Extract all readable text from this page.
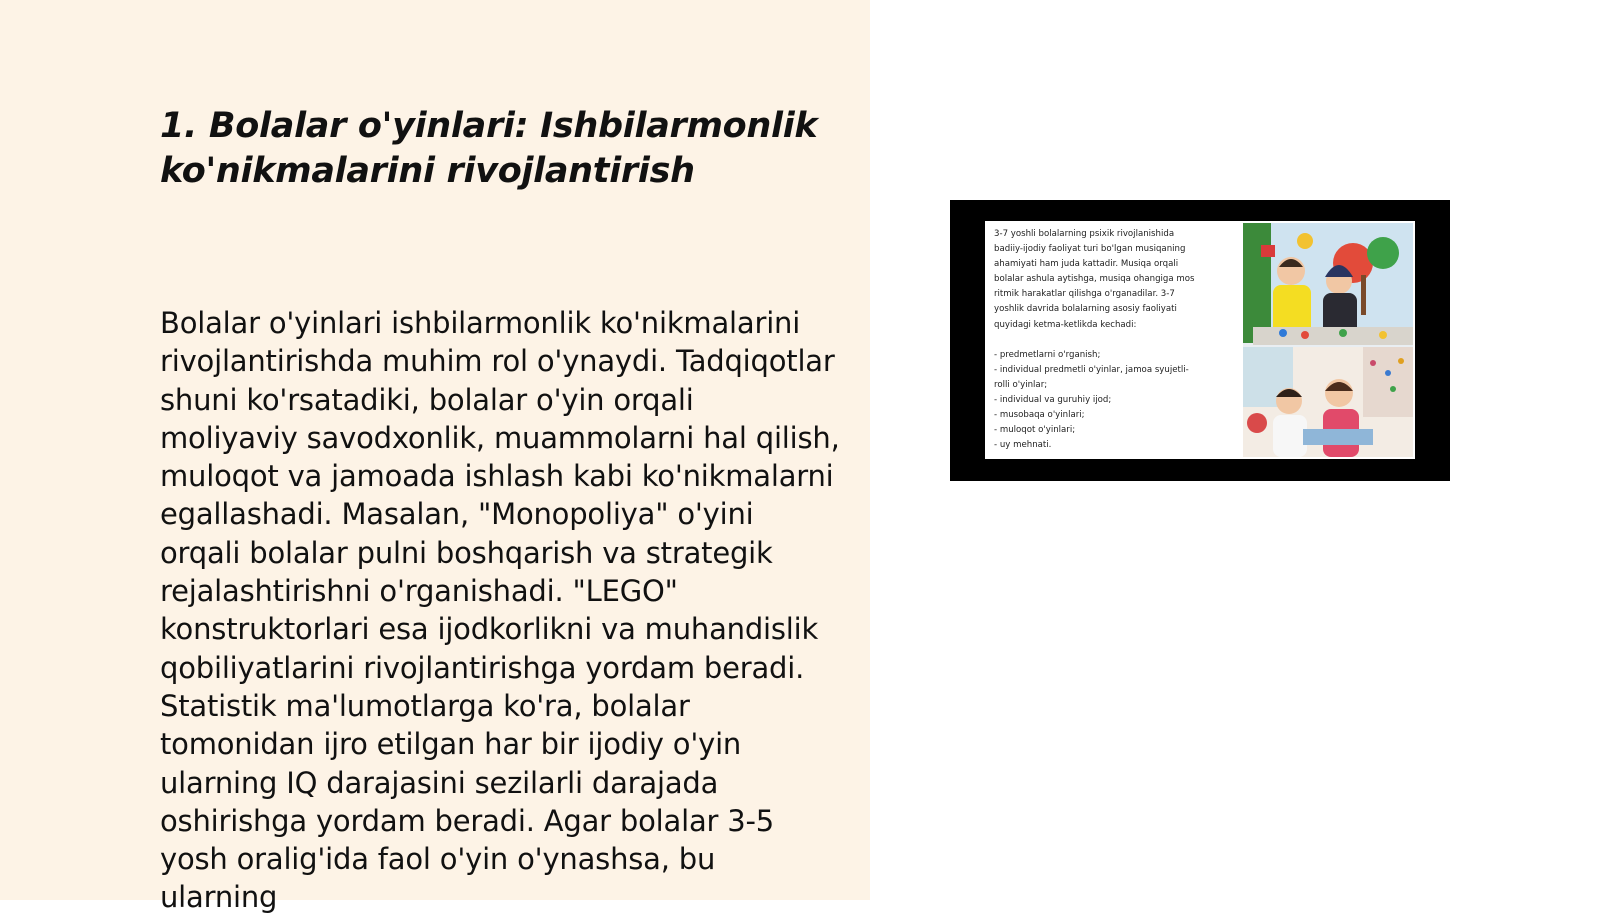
1. Bolalar o'yinlari: Ishbilarmonlik ko'nikmalarini rivojlantirish

Bolalar o'yinlari ishbilarmonlik ko'nikmalarini rivojlantirishda muhim rol o'ynaydi. Tadqiqotlar shuni ko'rsatadiki, bolalar o'yin orqali moliyaviy savodxonlik, muammolarni hal qilish, muloqot va jamoada ishlash kabi ko'nikmalarni egallashadi. Masalan, "Monopoliya" o'yini orqali bolalar pulni boshqarish va strategik rejalashtirishni o'rganishadi. "LEGO" konstruktorlari esa ijodkorlikni va muhandislik qobiliyatlarini rivojlantirishga yordam beradi. Statistik ma'lumotlarga ko'ra, bolalar tomonidan ijro etilgan har bir ijodiy o'yin ularning IQ darajasini sezilarli darajada oshirishga yordam beradi. Agar bolalar 3-5 yosh oralig'ida faol o'yin o'ynashsa, bu ularning

3-7 yoshli bolalarning psixik rivojlanishida
badiiy-ijodiy faoliyat turi bo'lgan musiqaning
ahamiyati ham juda kattadir. Musiqa orqali
bolalar ashula aytishga, musiqa ohangiga mos
ritmik harakatlar qilishga o'rganadilar. 3-7
yoshlik davrida bolalarning asosiy faoliyati
quyidagi ketma-ketlikda kechadi:

- predmetlarni o'rganish;
- individual predmetli o'yinlar, jamoa syujetli-
rolli o'yinlar;
- individual va guruhiy ijod;
- musobaqa o'yinlari;
- muloqot o'yinlari;
- uy mehnati.
